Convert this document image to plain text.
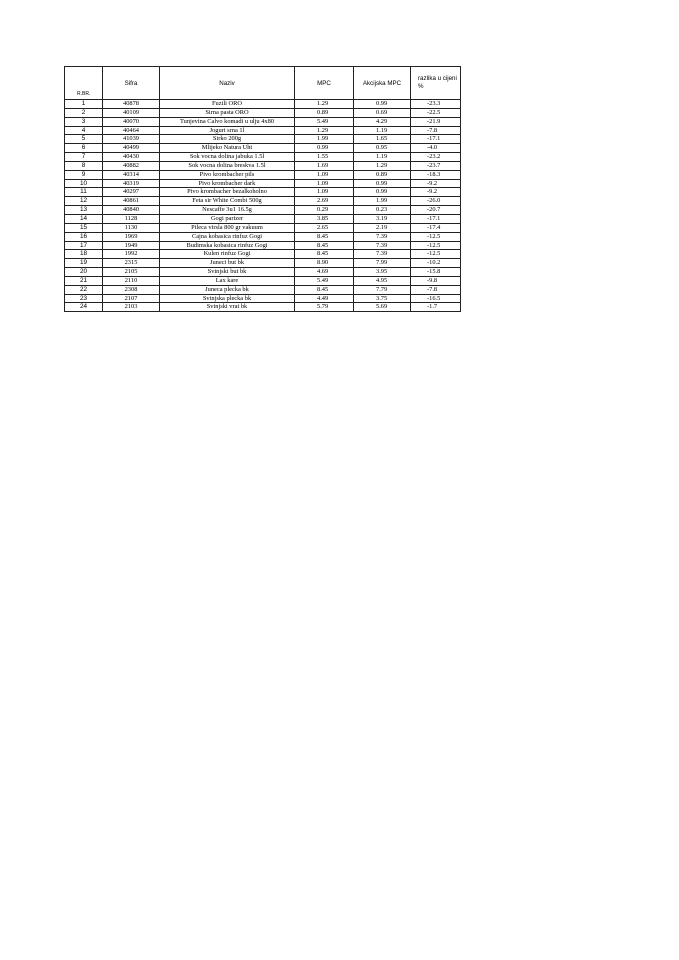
R.BR.	Sifra	Naziv	MPC	Akcijska MPC	razlika u cijeni %
1	40878	Fuzili ORO	1.29	0.99	-23.3
2	40109	Sirna pasta ORO	0.89	0.69	-22.5
3	40070	Tunjevina Calvo komadi u ulju 4x80	5.49	4.29	-21.9
4	40464	Jogurt srna 1l	1.29	1.19	-7.8
5	41039	Sirko 200g	1.99	1.65	-17.1
6	40499	Mlijeko Natura Uht	0.99	0.95	-4.0
7	40430	Sok vocna dolina jabuka 1.5l	1.55	1.19	-23.2
8	40882	Sok vocna dolina breskva 1.5l	1.69	1.29	-23.7
9	40314	Pivo krombacher pils	1.09	0.89	-18.3
10	40319	Pivo krombacher dark	1.09	0.99	-9.2
11	40297	Pivo krombacher bezalkoholno	1.09	0.99	-9.2
12	40861	Feta sir White Combi 500g	2.69	1.99	-26.0
13	40840	Nescaffe 3u1 16.5g	0.29	0.23	-20.7
14	1128	Gogi parizer	3.85	3.19	-17.1
15	1130	Pileca virsla 800 gr vakuum	2.65	2.19	-17.4
16	1969	Cajna kobasica rinfuz Gogi	8.45	7.39	-12.5
17	1949	Budimska kobasica rinfuz Gogi	8.45	7.39	-12.5
18	1992	Kulen rinfuz Gogi	8.45	7.39	-12.5
19	2315	Juneci but bk	8.90	7.99	-10.2
20	2105	Svinjski but bk	4.69	3.95	-15.8
21	2110	Lax kare	5.49	4.95	-9.8
22	2308	Juneca plecka bk	8.45	7.79	-7.8
23	2107	Svinjska plecka bk	4.49	3.75	-16.5
24	2103	Svinjski vrat bk	5.79	5.69	-1.7
